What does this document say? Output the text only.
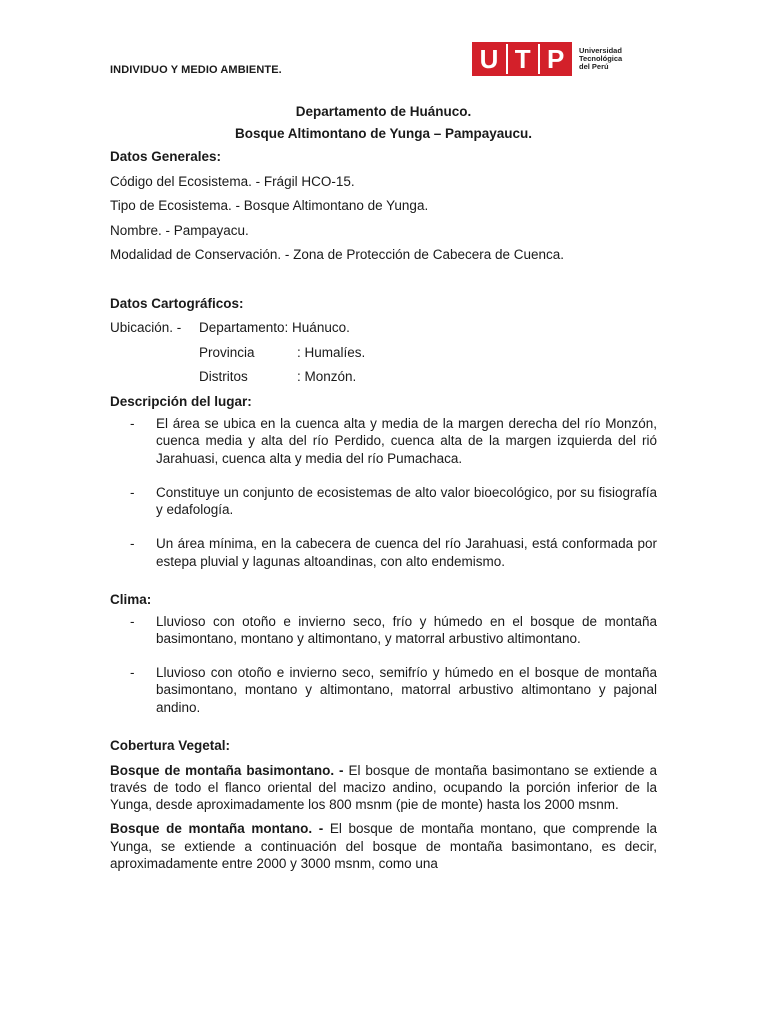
INDIVIDUO Y MEDIO AMBIENTE.	U T P Universidad
Tecnológica
del Perú

Departamento de Huánuco.

Bosque Altimontano de Yunga – Pampayaucu.

Datos Generales:

Código del Ecosistema. - Frágil HCO-15.

Tipo de Ecosistema. - Bosque Altimontano de Yunga.

Nombre. - Pampayacu.

Modalidad de Conservación. - Zona de Protección de Cabecera de Cuenca.

Datos Cartográficos:

Ubicación. -	Departamento: Huánuco.
Provincia	: Humalíes.
Distritos	: Monzón.

Descripción del lugar:

- El área se ubica en la cuenca alta y media de la margen derecha del río Monzón, cuenca media y alta del río Perdido, cuenca alta de la margen izquierda del rió Jarahuasi, cuenca alta y media del río Pumachaca.
- Constituye un conjunto de ecosistemas de alto valor bioecológico, por su fisiografía y edafología.
- Un área mínima, en la cabecera de cuenca del río Jarahuasi, está conformada por estepa pluvial y lagunas altoandinas, con alto endemismo.

Clima:

- Lluvioso con otoño e invierno seco, frío y húmedo en el bosque de montaña basimontano, montano y altimontano, y matorral arbustivo altimontano.
- Lluvioso con otoño e invierno seco, semifrío y húmedo en el bosque de montaña basimontano, montano y altimontano, matorral arbustivo altimontano y pajonal andino.

Cobertura Vegetal:

Bosque de montaña basimontano. - El bosque de montaña basimontano se extiende a través de todo el flanco oriental del macizo andino, ocupando la porción inferior de la Yunga, desde aproximadamente los 800 msnm (pie de monte) hasta los 2000 msnm.

Bosque de montaña montano. - El bosque de montaña montano, que comprende la Yunga, se extiende a continuación del bosque de montaña basimontano, es decir, aproximadamente entre 2000 y 3000 msnm, como una
